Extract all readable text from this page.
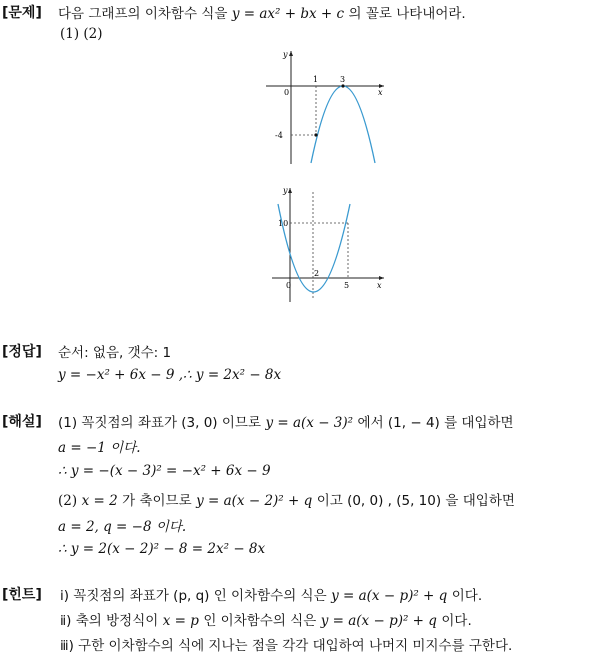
[문제] 다음 그래프의 이차함수 식을 y = ax² + bx + c 의 꼴로 나타내어라.
(1) (2)
y
x
0
1	3
-4
y
x
0
2
5
10
[정답] 순서: 없음, 갯수: 1
y = −x² + 6x − 9 ,∴ y = 2x² − 8x
[해설] (1) 꼭짓점의 좌표가 (3, 0) 이므로 y = a(x − 3)² 에서 (1, − 4) 를 대입하면
a = −1 이다.
∴ y = −(x − 3)² = −x² + 6x − 9
(2) x = 2 가 축이므로 y = a(x − 2)² + q 이고 (0, 0) , (5, 10) 을 대입하면
a = 2, q = −8 이다.
∴ y = 2(x − 2)² − 8 = 2x² − 8x
[힌트] ⅰ) 꼭짓점의 좌표가 (p, q) 인 이차함수의 식은 y = a(x − p)² + q 이다.
ⅱ) 축의 방정식이 x = p 인 이차함수의 식은 y = a(x − p)² + q 이다.
ⅲ) 구한 이차함수의 식에 지나는 점을 각각 대입하여 나머지 미지수를 구한다.
